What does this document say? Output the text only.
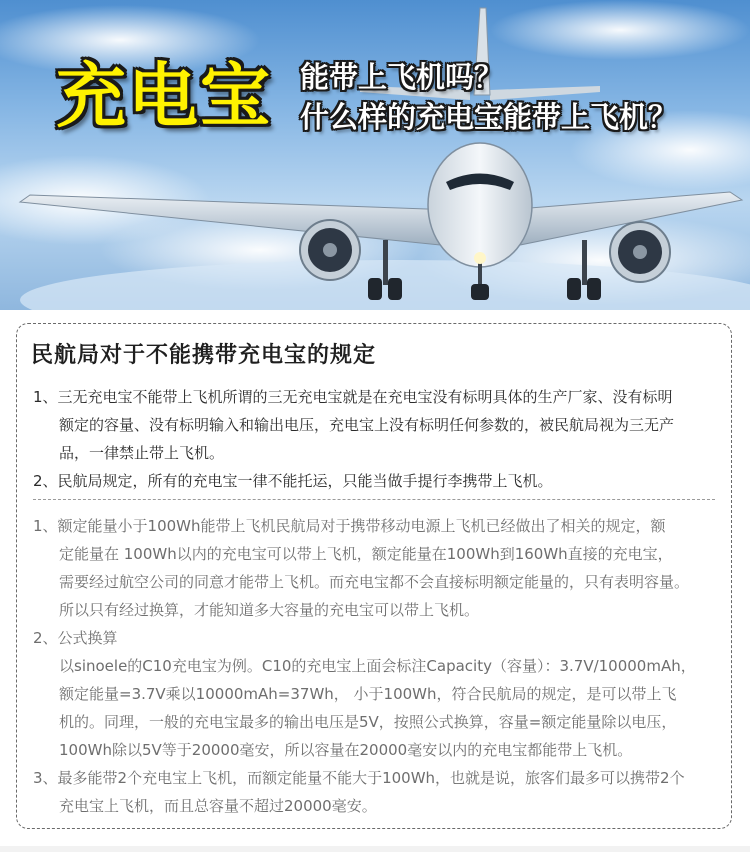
充电宝 能带上飞机吗？
什么样的充电宝能带上飞机？
民航局对于不能携带充电宝的规定
1、三无充电宝不能带上飞机所谓的三无充电宝就是在充电宝没有标明具体的生产厂家、没有标明
额定的容量、没有标明输入和输出电压，充电宝上没有标明任何参数的，被民航局视为三无产
品，一律禁止带上飞机。
2、民航局规定，所有的充电宝一律不能托运，只能当做手提行李携带上飞机。
1、额定能量小于100Wh能带上飞机民航局对于携带移动电源上飞机已经做出了相关的规定，额
定能量在 100Wh以内的充电宝可以带上飞机，额定能量在100Wh到160Wh直接的充电宝，
需要经过航空公司的同意才能带上飞机。而充电宝都不会直接标明额定能量的，只有表明容量。
所以只有经过换算，才能知道多大容量的充电宝可以带上飞机。
2、公式换算
以sinoele的C10充电宝为例。C10的充电宝上面会标注Capacity（容量）：3.7V/10000mAh，
额定能量=3.7V乘以10000mAh=37Wh， 小于100Wh，符合民航局的规定，是可以带上飞
机的。同理，一般的充电宝最多的输出电压是5V，按照公式换算，容量=额定能量除以电压，
100Wh除以5V等于20000毫安，所以容量在20000毫安以内的充电宝都能带上飞机。
3、最多能带2个充电宝上飞机，而额定能量不能大于100Wh，也就是说，旅客们最多可以携带2个
充电宝上飞机，而且总容量不超过20000毫安。
